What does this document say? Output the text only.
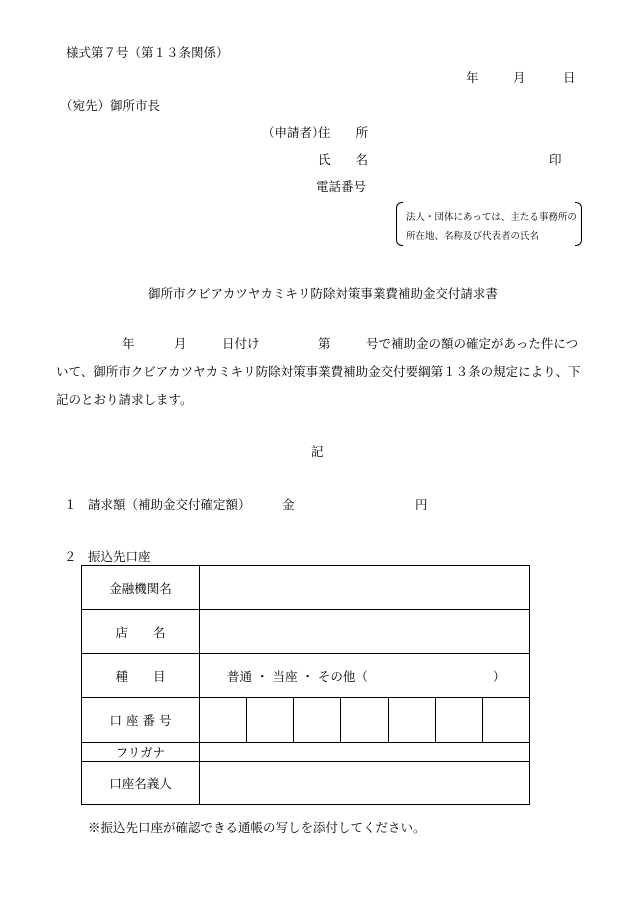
様式第７号（第１３条関係）
年	月	日
（宛先）御所市長
（申請者）
住　　所
氏　　名	印
電話番号
法人・団体にあっては、主たる事務所の
所在地、名称及び代表者の氏名
御所市クビアカツヤカミキリ防除対策事業費補助金交付請求書
年	月	日付け	第	号で補助金の額の確定があった件につ
いて、御所市クビアカツヤカミキリ防除対策事業費補助金交付要綱第１３条の規定により、下
記のとおり請求します。
記
１ 請求額（補助金交付確定額）	金	円
２ 振込先口座
金融機関名	
店　　名	
種　　目	普通 ・ 当座 ・ その他（　　　　　　　　　　）
口 座 番 号	

フリガナ	
口座名義人	
※振込先口座が確認できる通帳の写しを添付してください。
